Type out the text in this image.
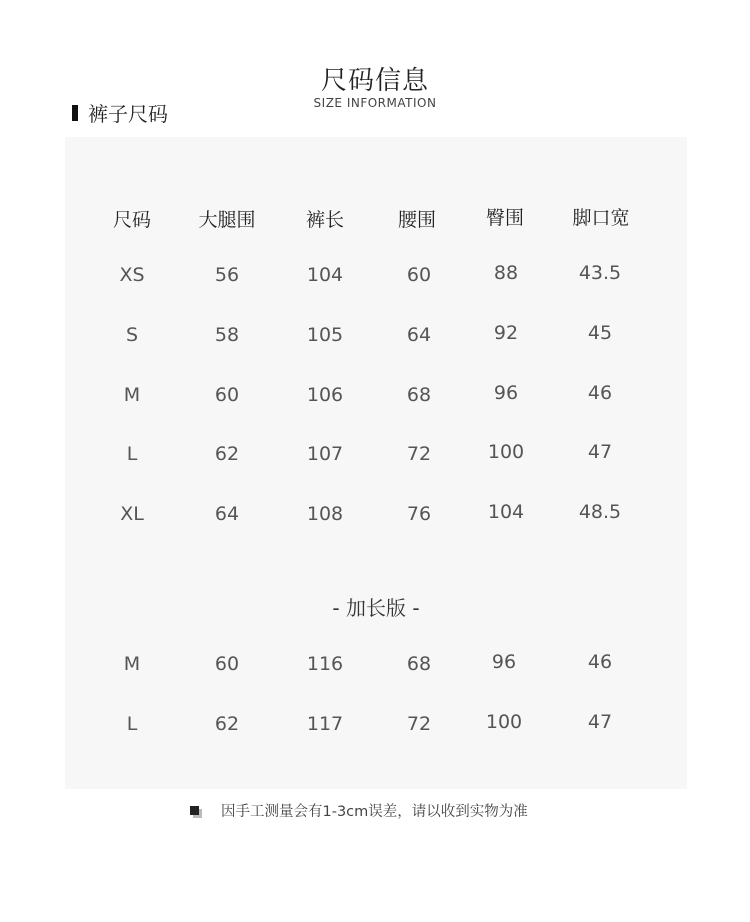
尺码信息
SIZE INFORMATION
裤子尺码
尺码	大腿围	裤长	腰围	臀围	脚口宽
XS	56	104	60	88	43.5
S	58	105	64	92	45
M	60	106	68	96	46
L	62	107	72	100	47
XL	64	108	76	104	48.5
- 加长版 -
M	60	116	68	96	46
L	62	117	72	100	47
因手工测量会有1-3cm误差，请以收到实物为准
